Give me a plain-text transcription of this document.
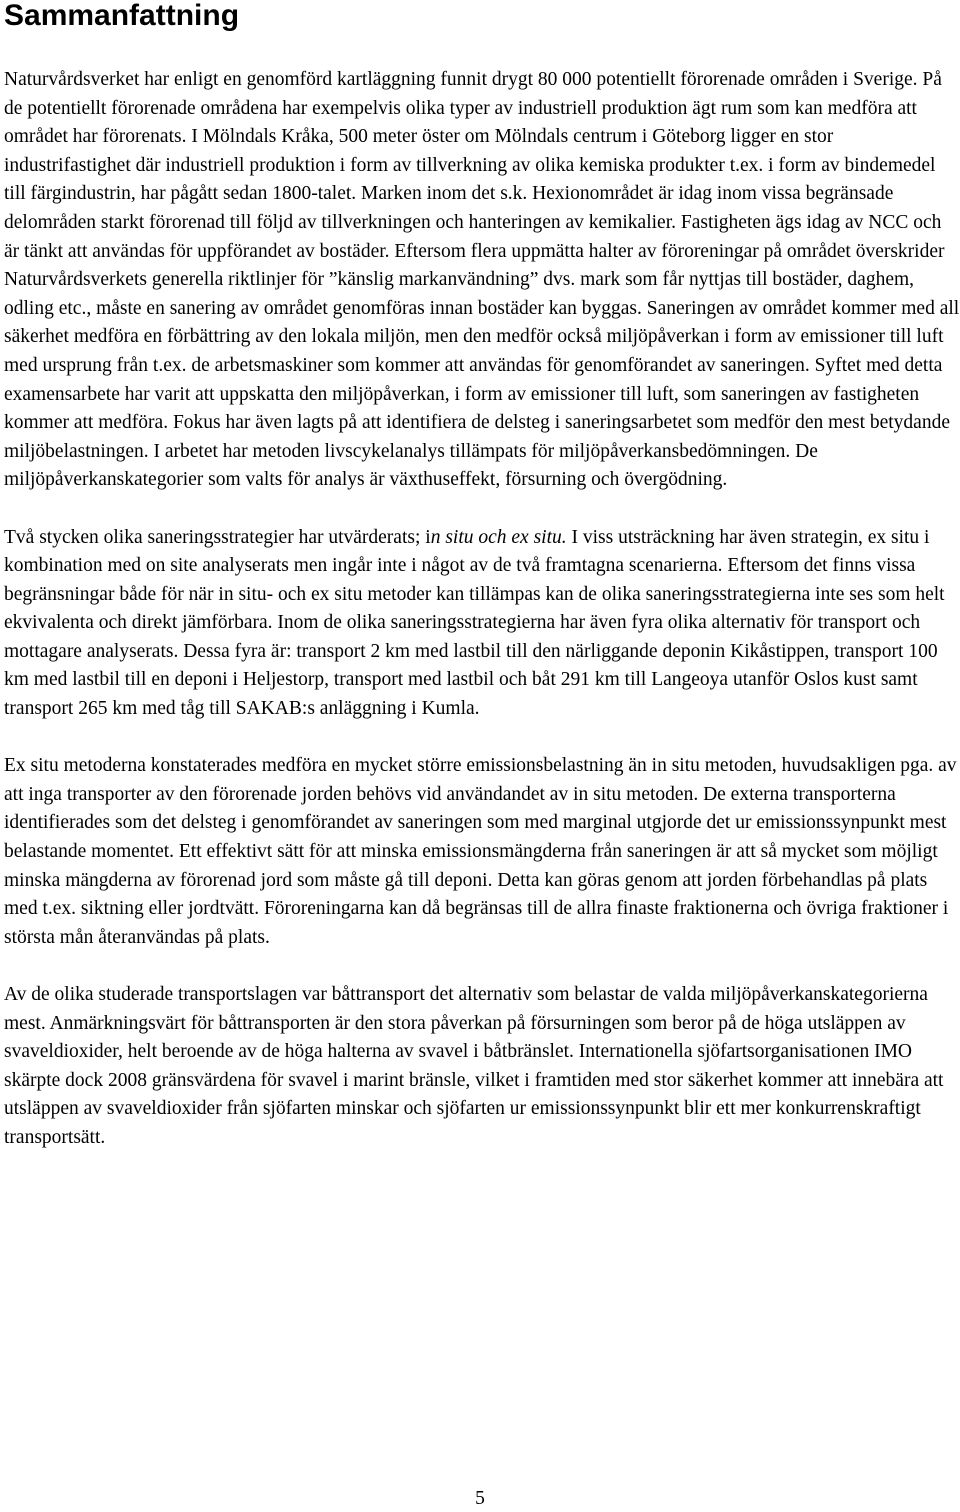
Sammanfattning

Naturvårdsverket har enligt en genomförd kartläggning funnit drygt 80 000 potentiellt förorenade områden i Sverige. På de potentiellt förorenade områdena har exempelvis olika typer av industriell produktion ägt rum som kan medföra att området har förorenats. I Mölndals Kråka, 500 meter öster om Mölndals centrum i Göteborg ligger en stor industrifastighet där industriell produktion i form av tillverkning av olika kemiska produkter t.ex. i form av bindemedel till färgindustrin, har pågått sedan 1800-talet. Marken inom det s.k. Hexionområdet är idag inom vissa begränsade delområden starkt förorenad till följd av tillverkningen och hanteringen av kemikalier. Fastigheten ägs idag av NCC och är tänkt att användas för uppförandet av bostäder. Eftersom flera uppmätta halter av föroreningar på området överskrider Naturvårdsverkets generella riktlinjer för ”känslig markanvändning” dvs. mark som får nyttjas till bostäder, daghem, odling etc., måste en sanering av området genomföras innan bostäder kan byggas. Saneringen av området kommer med all säkerhet medföra en förbättring av den lokala miljön, men den medför också miljöpåverkan i form av emissioner till luft med ursprung från t.ex. de arbetsmaskiner som kommer att användas för genomförandet av saneringen. Syftet med detta examensarbete har varit att uppskatta den miljöpåverkan, i form av emissioner till luft, som saneringen av fastigheten kommer att medföra. Fokus har även lagts på att identifiera de delsteg i saneringsarbetet som medför den mest betydande miljöbelastningen. I arbetet har metoden livscykelanalys tillämpats för miljöpåverkansbedömningen. De miljöpåverkanskategorier som valts för analys är växthuseffekt, försurning och övergödning.

Två stycken olika saneringsstrategier har utvärderats; in situ och ex situ. I viss utsträckning har även strategin, ex situ i kombination med on site analyserats men ingår inte i något av de två framtagna scenarierna. Eftersom det finns vissa begränsningar både för när in situ- och ex situ metoder kan tillämpas kan de olika saneringsstrategierna inte ses som helt ekvivalenta och direkt jämförbara. Inom de olika saneringsstrategierna har även fyra olika alternativ för transport och mottagare analyserats. Dessa fyra är: transport 2 km med lastbil till den närliggande deponin Kikåstippen, transport 100 km med lastbil till en deponi i Heljestorp, transport med lastbil och båt 291 km till Langeoya utanför Oslos kust samt transport 265 km med tåg till SAKAB:s anläggning i Kumla.

Ex situ metoderna konstaterades medföra en mycket större emissionsbelastning än in situ metoden, huvudsakligen pga. av att inga transporter av den förorenade jorden behövs vid användandet av in situ metoden. De externa transporterna identifierades som det delsteg i genomförandet av saneringen som med marginal utgjorde det ur emissionssynpunkt mest belastande momentet. Ett effektivt sätt för att minska emissionsmängderna från saneringen är att så mycket som möjligt minska mängderna av förorenad jord som måste gå till deponi. Detta kan göras genom att jorden förbehandlas på plats med t.ex. siktning eller jordtvätt. Föroreningarna kan då begränsas till de allra finaste fraktionerna och övriga fraktioner i största mån återanvändas på plats.

Av de olika studerade transportslagen var båttransport det alternativ som belastar de valda miljöpåverkanskategorierna mest. Anmärkningsvärt för båttransporten är den stora påverkan på försurningen som beror på de höga utsläppen av svaveldioxider, helt beroende av de höga halterna av svavel i båtbränslet. Internationella sjöfartsorganisationen IMO skärpte dock 2008 gränsvärdena för svavel i marint bränsle, vilket i framtiden med stor säkerhet kommer att innebära att utsläppen av svaveldioxider från sjöfarten minskar och sjöfarten ur emissionssynpunkt blir ett mer konkurrenskraftigt transportsätt.

5
